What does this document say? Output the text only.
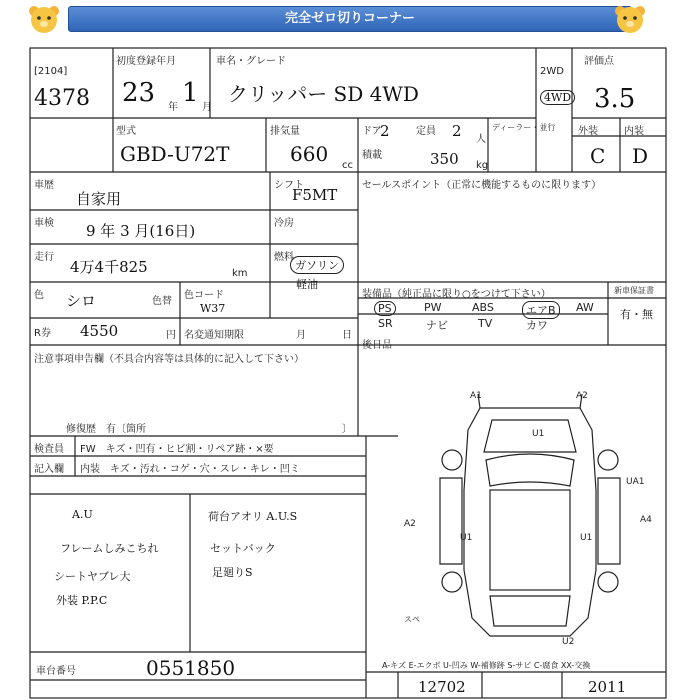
完全ゼロ切りコーナー
[2104]
4378
初度登録年月
23 年 1 月
車名・グレード
クリッパー SD 4WD
2WD
4WD
評価点
3.5
型式
GBD-U72T
排気量
660 cc
ドア
2	定員 2 人
積載	350 kg
ディーラー・並行 外装	内装
C D
車歴
自家用
シフト
F5MT
セールスポイント（正常に機能するものに限ります）
車検 9 年 3 月(16日)	冷房
走行
4万4千825	km
燃料
ガソリン
軽油
色 シロ	色替
色コード
W37
R券 4550	円 名変通知期限	月	日
装備品（純正品に限り○をつけて下さい）	新車保証書
有・無
PS	PW	ABS	エアB	AW
SR	ナビ	TV	カワ
後日品
注意事項申告欄（不具合内容等は具体的に記入して下さい）
修復歴　有〔箇所	〕
検査員
記入欄
FW　キズ・凹有・ヒビ割・リペア跡・×要
内装　キズ・汚れ・コゲ・穴・スレ・キレ・凹ミ
A.U
フレームしみこちれ
シートヤブレ大
外装 P.P.C
荷台アオリ A.U.S
セットバック
足廻りS
車台番号	0551850
12702	2011
A-キズ E-エクボ U-凹み W-補修跡 S-サビ C-腐食 XX-交換
A1	A2
U1
UA1
A2
U1	U1
A4
U2
スペ
